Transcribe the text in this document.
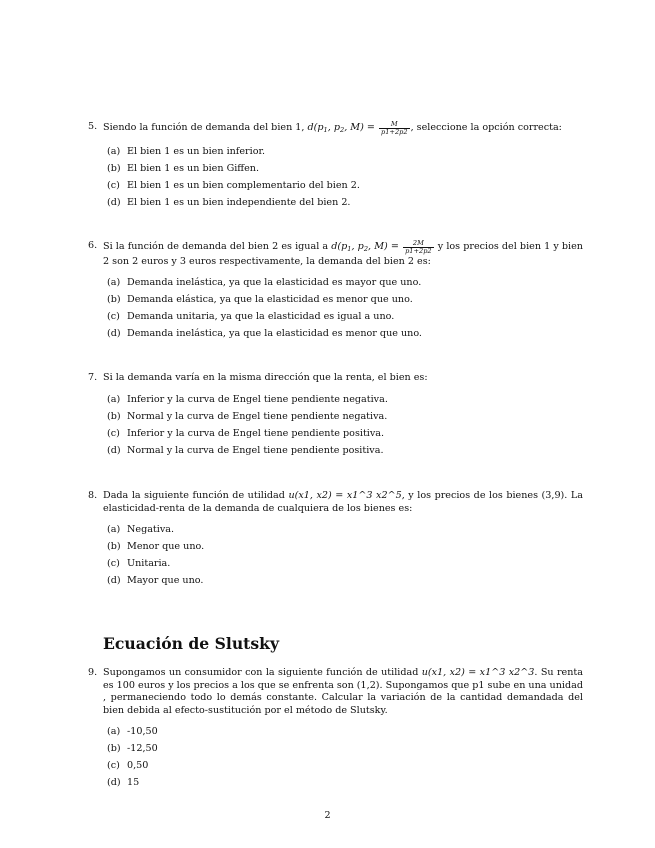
5. Siendo la función de demanda del bien 1, $d(p_1$, $p_2$, $M) = \frac{M}{p1+2p2}$ , seleccione la opción correcta:
(a) El bien 1 es un bien inferior.
(b) El bien 1 es un bien Giffen.
(c) El bien 1 es un bien complementario del bien 2.
(d) El bien 1 es un bien independiente del bien 2.
6. Si la función de demanda del bien 2 es igual a $d(p_1$, $p_2$, $M) = \frac{2M}{p1+2p2}$ y los precios del bien 1 y bien 2 son 2 euros y 3 euros respectivamente, la demanda del bien 2 es:
(a) Demanda inelástica, ya que la elasticidad es mayor que uno.
(b) Demanda elástica, ya que la elasticidad es menor que uno.
(c) Demanda unitaria, ya que la elasticidad es igual a uno.
(d) Demanda inelástica, ya que la elasticidad es menor que uno.
7. Si la demanda varía en la misma dirección que la renta, el bien es:
(a) Inferior y la curva de Engel tiene pendiente negativa.
(b) Normal y la curva de Engel tiene pendiente negativa.
(c) Inferior y la curva de Engel tiene pendiente positiva.
(d) Normal y la curva de Engel tiene pendiente positiva.
8. Dada la siguiente función de utilidad u(x1, x2) = x1^3 x2^5, y los precios de los bienes (3,9). La elasticidad-renta de la demanda de cualquiera de los bienes es:
(a) Negativa.
(b) Menor que uno.
(c) Unitaria.
(d) Mayor que uno.
Ecuación de Slutsky
9. Supongamos un consumidor con la siguiente función de utilidad u(x1, x2) = x1^3 x2^3. Su renta es 100 euros y los precios a los que se enfrenta son (1,2). Supongamos que p1 sube en una unidad , permaneciendo todo lo demás constante. Calcular la variación de la cantidad demandada del bien debida al efecto-sustitución por el método de Slutsky.
(a) -10,50
(b) -12,50
(c) 0,50
(d) 15
2
